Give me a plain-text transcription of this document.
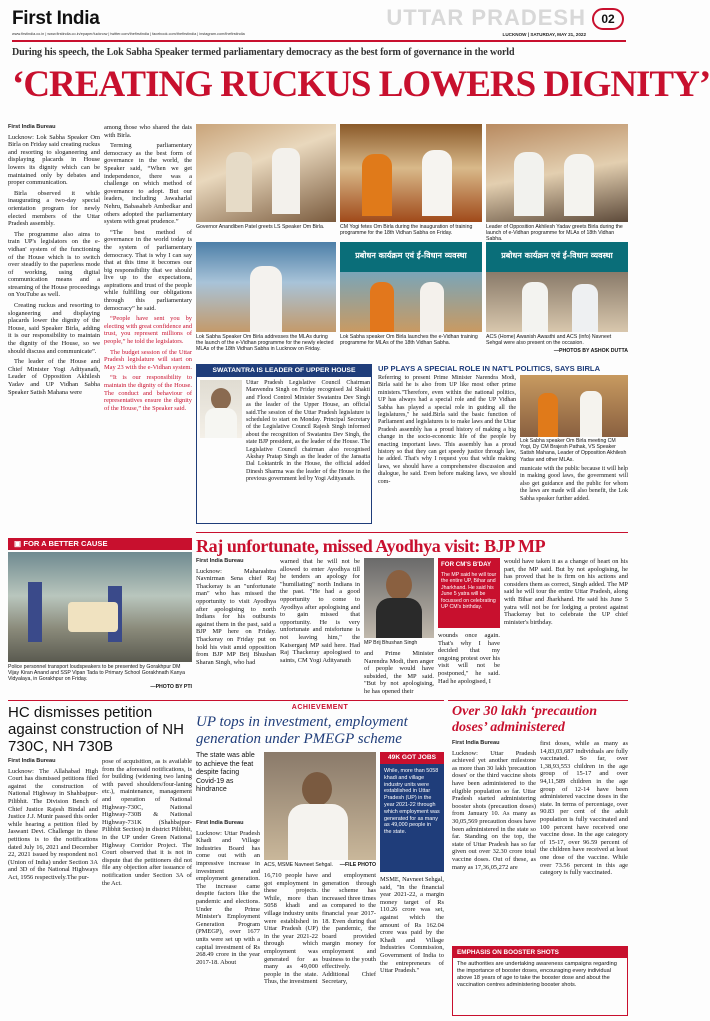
First India	UTTAR PRADESH	02
www.firstindia.co.in | www.firstindia.co.in/epaper/lucknow | twitter.com/thefirstindia | facebook.com/thefirstindia | instagram.com/thefirstindia	LUCKNOW | SATURDAY, MAY 21, 2022
During his speech, the Lok Sabha Speaker termed parliamentary democracy as the best form of governance in the world
‘CREATING RUCKUS LOWERS DIGNITY’
First India Bureau

Lucknow: Lok Sabha Speaker Om Birla on Friday said creating ruckus and resorting to sloganeering and displaying placards in House lowers its dignity which can be maintained only by debates and proper communication.

Birla observed it while inaugurating a two-day special orientation program for newly elected members of the Uttar Pradesh assembly.

The programme also aims to train UP's legislators on the e-vidhan' system of the functioning of the House which is to switch over steadily to the paperless mode of working, using digital communication means and a streaming of the House proceedings on YouTube as well.

Creating ruckus and resorting to sloganeering and displaying placards lower the dignity of the House, said Speaker Birla, adding it is our responsibility to maintain the dignity of the House, so we should discuss and communicate”.

The leader of the House and Chief Minister Yogi Adityanath, Leader of Opposition Akhilesh Yadav and UP Vidhan Sabha Speaker Satish Mahana were

among those who shared the dais with Birla.

Terming parliamentary democracy as the best form of governance in the world, the Speaker said, “When we get independence, there was a challenge on which method of governance to adopt. But our leaders, including Jawaharlal Nehru, Babasaheb Ambedkar and others adopted the parliamentary system with great prudence.”

“The best method of governance in the world today is the system of parliamentary democracy. That is why I can say that at this time it becomes our big responsibility that we should live up to the expectations, aspirations and trust of the people while fulfilling our obligations through this parliamentary democracy” he said.

“People have sent you by electing with great confidence and trust, you represent millions of people,” he told the legislators.

The budget session of the Uttar Pradesh legislature will start on May 23 with the e-Vidhan system.

“It is our responsibility to maintain the dignity of the House. The conduct and behaviour of representatives ensure the dignity of the House,” the Speaker said.

Governor Anandiben Patel greets LS Speaker Om Birla.	CM Yogi fetes Om Birla during the inauguration of training programme for the 18th Vidhan Sabha on Friday.
Leader of Opposition Akhilesh Yadav greets Birla during the launch of e-Vidhan programme for MLAs of 18th Vidhan Sabha.
Lok Sabha Speaker Om Birla addresses the MLAs during the launch of the e-Vidhan programme for the newly elected MLAs of the 18th Vidhan Sabha in Lucknow on Friday.
प्रबोधन कार्यक्रम एवं ई-विधान व्यवस्था
Lok Sabha speaker Om Birla launches the e-Vidhan training programme for MLAs of the 18th Vidhan Sabha.
प्रबोधन कार्यक्रम एवं ई-विधान व्यवस्था
ACS (Home) Awanish Awasthi and ACS (info) Navneet Sehgal were also present on the occasion.
—PHOTOS BY ASHOK DUTTA
SWATANTRA IS LEADER OF UPPER HOUSE
Uttar Pradesh Legislative Council Chairman Manvendra Singh on Friday recognised Jal Shakti and Flood Control Minister Swatantra Dev Singh as the leader of the Upper House, an official said.The session of the Uttar Pradesh legislature is scheduled to start on Monday. Principal Secretary of the Legislative Council Rajesh Singh informed about the recognition of Swatantra Dev Singh, the state BJP president, as the leader of the House. The Legislative Council chairman also recognised Akshay Pratap Singh as the leader of the Jansatta Dal Loktantrik in the House, the official added Dinesh Sharma was the leader of the House in the previous government led by Yogi Adityanath.
UP PLAYS A SPECIAL ROLE IN NAT'L POLITICS, SAYS BIRLA
Referring to present Prime Minister Narendra Modi, Birla said he is also from UP like most other prime ministers."Therefore, even within the national politics, UP has always had a special role and the UP Vidhan Sabha has played a special role in guiding all the legislatures," he said.Birla said the basic function of Parliament and legislatures is to make laws and the Uttar Pradesh assembly has a proud history of making a big change in the socio-economic life of the people by enacting important laws. This assembly has a proud history so that they can get speedy justice through law, he added. That's why I request you that while making laws, we should have a comprehensive discussion and dialogue, he said. Even before making laws, we should com-
Lok Sabha speaker Om Birla meeting CM Yogi, Dy CM Brajesh Pathak, VS Speaker Satish Mahana, Leader of Opposition Akhilesh Yadav and other MLAs.
municate with the public because it will help in making good laws, the government will also get guidance and the public for whom the laws are made will also benefit, the Lok Sabha speaker further added.
▣ FOR A BETTER CAUSE
Police personnel transport loudspeakers to be presented by Gorakhpur DM Vijay Kiran Anand and SSP Vipan Tada to Primary School Gorakhnath Kanya Vidyalaya, in Gorakhpur on Friday.
—PHOTO BY PTI
Raj unfortunate, missed Ayodhya visit: BJP MP
First India Bureau
Lucknow: Maharashtra Navnirman Sena chief Raj Thackeray is an "unfortunate man" who has missed the opportunity to visit Ayodhya after apologising to north Indians for his outbursts against them in the past, said a BJP MP here on Friday. Thackeray on Friday put on hold his visit amid opposition from BJP MP Brij Bhushan Sharan Singh, who had
warned that he will not be allowed to enter Ayodhya till he tenders an apology for "humiliating" north Indians in the past. "He had a good opportunity to come to Ayodhya after apologising and to gain missed that opportunity. He is very unfortunate and misfortune is not leaving him," the Kaiserganj MP said here. Had Raj Thackeray apologised to saints, CM Yogi Adityanath
MP Brij Bhushan Singh
and Prime Minister Narendra Modi, then anger of people would have subsided, the MP said. "But by not apologising, he has opened their
FOR CM'S B'DAY
The MP said he will tour the entire UP, Bihar and Jharkhand. He said his June 5 yatra will be focussed on celebrating UP CM's birthday.
wounds once again. That's why I have decided that my ongoing protest over his visit will not be postponed," he said. Had he apologised, I
would have taken it as a change of heart on his part, the MP said. But by not apologising, he has proved that he is firm on his actions and considers them as correct, Singh added. The MP said he will tour the entire Uttar Pradesh, along with Bihar and Jharkhand. He said his June 5 yatra will not be for lodging a protest against Thackeray but to celebrate the UP chief minister's birthday.
HC dismisses petition against construction of NH 730C, NH 730B
First India Bureau
Lucknow: The Allahabad High Court has dismissed petitions filed against the construction of National Highway in Shahbajpur-Pilibhit. The Division Bench of Chief Justice Rajesh Bindal and Justice J.J. Munir passed this order while hearing a petition filed by Jaswant Devi. Challenge in these petitions is to the notifications dated July 16, 2021 and December 22, 2021 issued by respondent no1 (Union of India) under Section 3A and 3D of the National Highways Act, 1956 respectively.The pur-
pose of acquisition, as is available from the aforesaid notifications, is for building (widening two laning with paved shoulders/four-laning etc.), maintenance, management and operation of National Highway-730C, National Highway-730B & National Highway-731K (Shahbajpur-Pilibhit Section) in district Pilibhit, in the UP under Green National Highway Corridor Project. The Court observed that it is not in dispute that the petitioners did not file any objection after issuance of notification under Section 3A of the Act.
ACHIEVEMENT
UP tops in investment, employment generation under PMEGP scheme
The state was able to achieve the feat despite facing Covid-19 as hindrance
First India Bureau
Lucknow: Uttar Pradesh Khadi and Village Industries Board has come out with an impressive increase in investment and employment generation. The increase came despite factors like the pandemic and elections. Under the Prime Minister's Employment Generation Program (PMEGP), over 1677 units were set up with a capital investment of Rs 268.49 crore in the year 2017-18. About
ACS, MSME Navneet Sehgal.	—FILE PHOTO
16,710 people have got employment in these projects. While, more than 5058 khadi and village industry units were established in Uttar Pradesh (UP) in the year 2021-22 through which employment was generated for as many as 49,000 people in the state. Thus, the investment
and employment generation through the scheme has increased three times as compared to the financial year 2017-18. Even during that the pandemic, the board provided margin money for employment and business to the youth effectively. Additional Chief Secretary,
49K GOT JOBS
While, more than 5058 khadi and village industry units were established in Uttar Pradesh (UP) in the year 2021-22 through which employment was generated for as many as 49,000 people in the state.
MSME, Navneet Sehgal, said, "In the financial year 2021-22, a margin money target of Rs 110.26 crore was set, against which the amount of Rs 162.04 crore was paid by the Khadi and Village Industries Commission, Government of India to the entrepreneurs of Uttar Pradesh."
Over 30 lakh ‘precaution doses’ administered
First India Bureau
Lucknow: Uttar Pradesh achieved yet another milestone as more than 30 lakh 'precaution doses' or the third vaccine shots have been administered to the eligible population so far. Uttar Pradesh started administering booster shots (precaution doses) from January 10. As many as 30,05,569 precaution doses have been administered in the state so far. Standing on the top, the state of Uttar Pradesh has so far given out over 32.30 crore total vaccine doses. Out of these, as many as 17,36,05,272 are
first doses, while as many as 14,83,03,687 individuals are fully vaccinated. So far, over 1,38,93,553 children in the age group of 15-17 and over 94,11,589 children in the age group of 12-14 have been administered vaccine doses in the state. In terms of percentage, over 90.83 per cent of the adult population is fully vaccinated and 100 percent have received one vaccine dose. In the age category of 15-17, over 96.59 percent of the children have received at least one dose of the vaccine. While over 73.56 percent in this age category is fully vaccinated.
EMPHASIS ON BOOSTER SHOTS
The authorities are undertaking awareness campaigns regarding the importance of booster doses, encouraging every individual above 18 years of age to take the booster dose and about the vaccination centres administering booster shots.
